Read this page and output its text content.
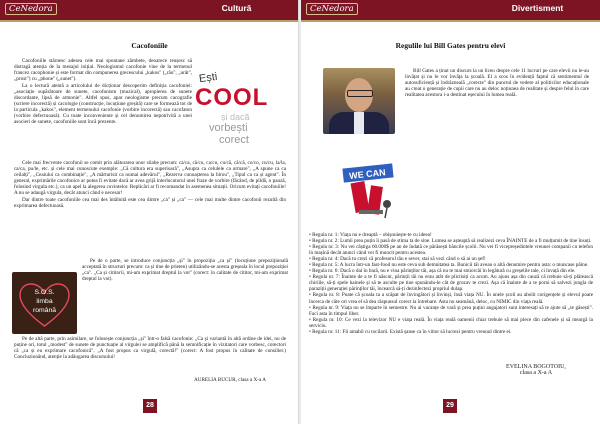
CeNedora	Cultură
Cacofoniile

Cacofoniile stârnesc adesea cele mai spontane zâmbete, deoarece reușesc să distragă atenția de la mesajul inițial. Neologismul cacofonie vine de la termenul francez cacophonie și este format din compunerea grecescului „kakos" („rău", „urât", „prost") cu „phone" („sunet").

La o lectură atentă a articolului de dicționar descoperim definiția cacofoniei: „asociație supărătoare de sunete, cacofonism (muzical), apropierea de sunete discordante, lipsă de armonie". Altfel spus, apar neologisme precum cacografie (scriere incorectă) și cacologie (construcție, locuțiune greșită) care se formează tot de la particula „kakos", element termenului cacofonie (vorbire incorectă) sau cacofaton (vorbire defectuoasă). Cu toate inconveniente și cel denumirea nepotrivită a unei asocieri de sunete, cacofoniile sunt încă prezente.

Ești
COOL
și dacă
vorbești
corect

Cele mai frecvente cacofonii se comit prin alăturarea unor silabe precum: ca/ca, că/cu, ca/cu, cu/că, că/că, co/co, cu/cu, la/la, ca/ca, pu/le, etc. și cele mai cunoscute exemple: „Că cultura era superioară", „Asupra ca celulele ca urmare", „A spune ca ca ceilalți", „Ceaiului ca combinație", „A mărturisit ca numai adevărul", „Rezerva cunoașterea la birou", „Tipul ca ca și agent". În general, exprimările cacofonice ar putea fi evitate dacă ar avea grijă interlocutorul unei fraze de vorbire (făcând, de pildă, o pauză, folosind virgula etc.), ca un apel la alegerea cuvintelor. Replicări ar fi recomandat în asemenea situații. Oricum evitați cacofoniile! A nu se adaugă virgula, decât atunci când e necesar!

Dar dintre toate cacofoniile cea mai des întâlnită este cea dintre „ca" și „ca" — cele mai multe dintre cacofonii rezultă din exprimarea defectuoasă.

S.O.S.
limba
română

Pe de o parte, se introduce conjuncția „și" în propoziția „ca și" (locuțiune prepozițională acceptată în structuri precum: ca și tine de prieten) utilizându-se acesta greșeala în locul prepoziției „ca". „Ca și cititorii, mi-am exprimat dreptul la vot" (corect: în calitate de cititor, mi-am exprimat dreptul la vot).

Pe de altă parte, prin asimilare, se folosește conjuncția „și" într-o falsă cacofonie: „Ca și variantă în altă ordine de idei, nu de puține ori, totul „modest" de sunete de punctuație al virgulei se amplifică până la semnificație în vizitatori care vorbesc, corectori că „ca și eu exprimare cacofonică". „A fost propus ca virgulă, corectă!" (corect: A fost propus în calitate de consilier.) Concluzionând, atenție la adăugarea discursului!

AURELIA BUCUR, clasa a X-a A
28
CeNedora	Divertisment
Regulile lui Bill Gates pentru elevi

Bill Gates a ținut un discurs la un liceu despre cele 11 lucruri pe care elevii nu le-au învățat și nu le vor învăța la școală. El a scos în evidență faptul că sentimentul de autosuficiență și îndrăzneală „corecte" din punctul de vedere al politicilor educaționale au creat o generație de copii care nu au deloc noțiunea de realitate și despre felul în care realitatea acestora i-a destinat eșecului în lumea reală.

WE CAN
• Regula nr. 1: Viața nu e dreaptă – obișnuiește-te cu ideea!
• Regula nr. 2: Lumii prea puțin îi pasă de stima ta de sine. Lumea se așteaptă să realizezi ceva ÎNAINTE de a fi mulțumit de tine însuți.
• Regula nr. 3: Nu vei câștiga 60.000$ pe an de îndată ce părăsești băncile școlii. Nu vei fi vicepreședintele vreunei companii cu telefon în mașină decât atunci când vei fi muncit pentru acestea.
• Regula nr. 4: Dacă tu crezi că profesorul tău e sever, stai să vezi când o să ai un șef!
• Regula nr. 5: A lucra într-un fast-food nu este ceva sub demnitatea ta. Bunicii tăi aveau o altă denumire pentru asta: o muncase pâine.
• Regula nr. 6: Dacă o dai în bară, nu e vina părinților tăi, așa că nu te mai smiorcăi în legătură cu greșelile tale, ci învață din ele.
• Regula nr. 7: Înainte de a te fi născut, părinții tăi nu erau atât de plictisiți ca acum. Au ajuns așa din cauză că trebuie să-ți plătească chiriile, să-ți spele hainele și să te asculte pe tine spunându-le cât de grozav te crezi. Așa că înainte de a te porni să salvezi jungla de paraziții generației părinților tăi, încearcă să-ți dezinfectezi propriul dulap.
• Regula nr. 8: Poate că școala ta a scăpat de învingători și învinși, însă viața NU. În unele școli au abolit corigențele și elevul poate încerca de câte ori vrea el să dea răspunsul corect la întrebare. Asta nu seamănă, deloc, cu NIMIC din viața reală.
• Regula nr. 9: Viața nu se împarte în semestre. Nu ai vacanțe de vară și prea puțini angajatori sunt interesați să te ajute să „te găsești". Faci asta în timpul liber.
• Regula nr. 10: Ce vezi la televizor NU e viața reală. În viața reală oamenii chiar trebuie să mai plece din cafenele și să meargă la serviciu.
• Regula nr. 11: Fii amabil cu tocilarii. Există șanse ca în viitor să lucrezi pentru vreunul dintre ei.
EVELINA BOGOTOIU,
clasa a X-a A
29
